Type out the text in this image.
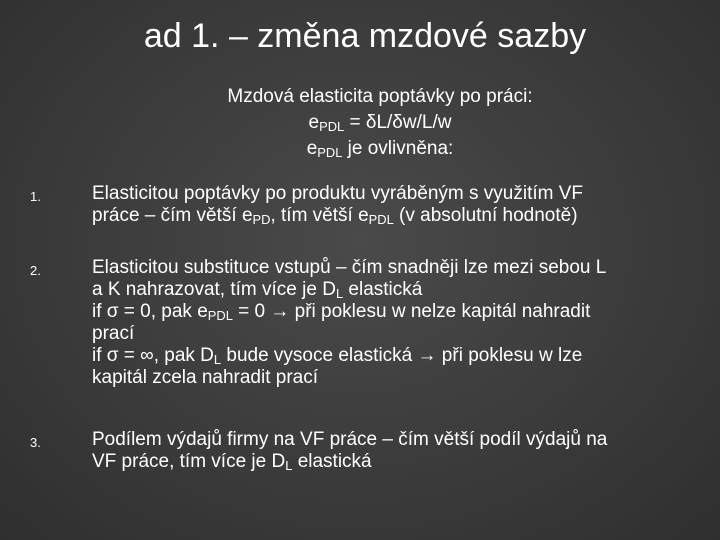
ad 1. – změna mzdové sazby
Mzdová elasticita poptávky po práci:
$e_{PDL} = \delta L/\delta w/L/w$
$e_{PDL}$ je ovlivněna:
1.	Elasticitou poptávky po produktu vyráběným s využitím VF
práce – čím větší $e_{PD}$, tím větší $e_{PDL}$ (v absolutní hodnotě)
2.	Elasticitou substituce vstupů – čím snadněji lze mezi sebou L
a K nahrazovat, tím více je $D_L$ elastická
if σ = 0, pak $e_{PDL} = 0$ → při poklesu w nelze kapitál nahradit
prací
if σ = ∞, pak $D_L$ bude vysoce elastická → při poklesu w lze
kapitál zcela nahradit prací
3.	Podílem výdajů firmy na VF práce – čím větší podíl výdajů na
VF práce, tím více je $D_L$ elastická
